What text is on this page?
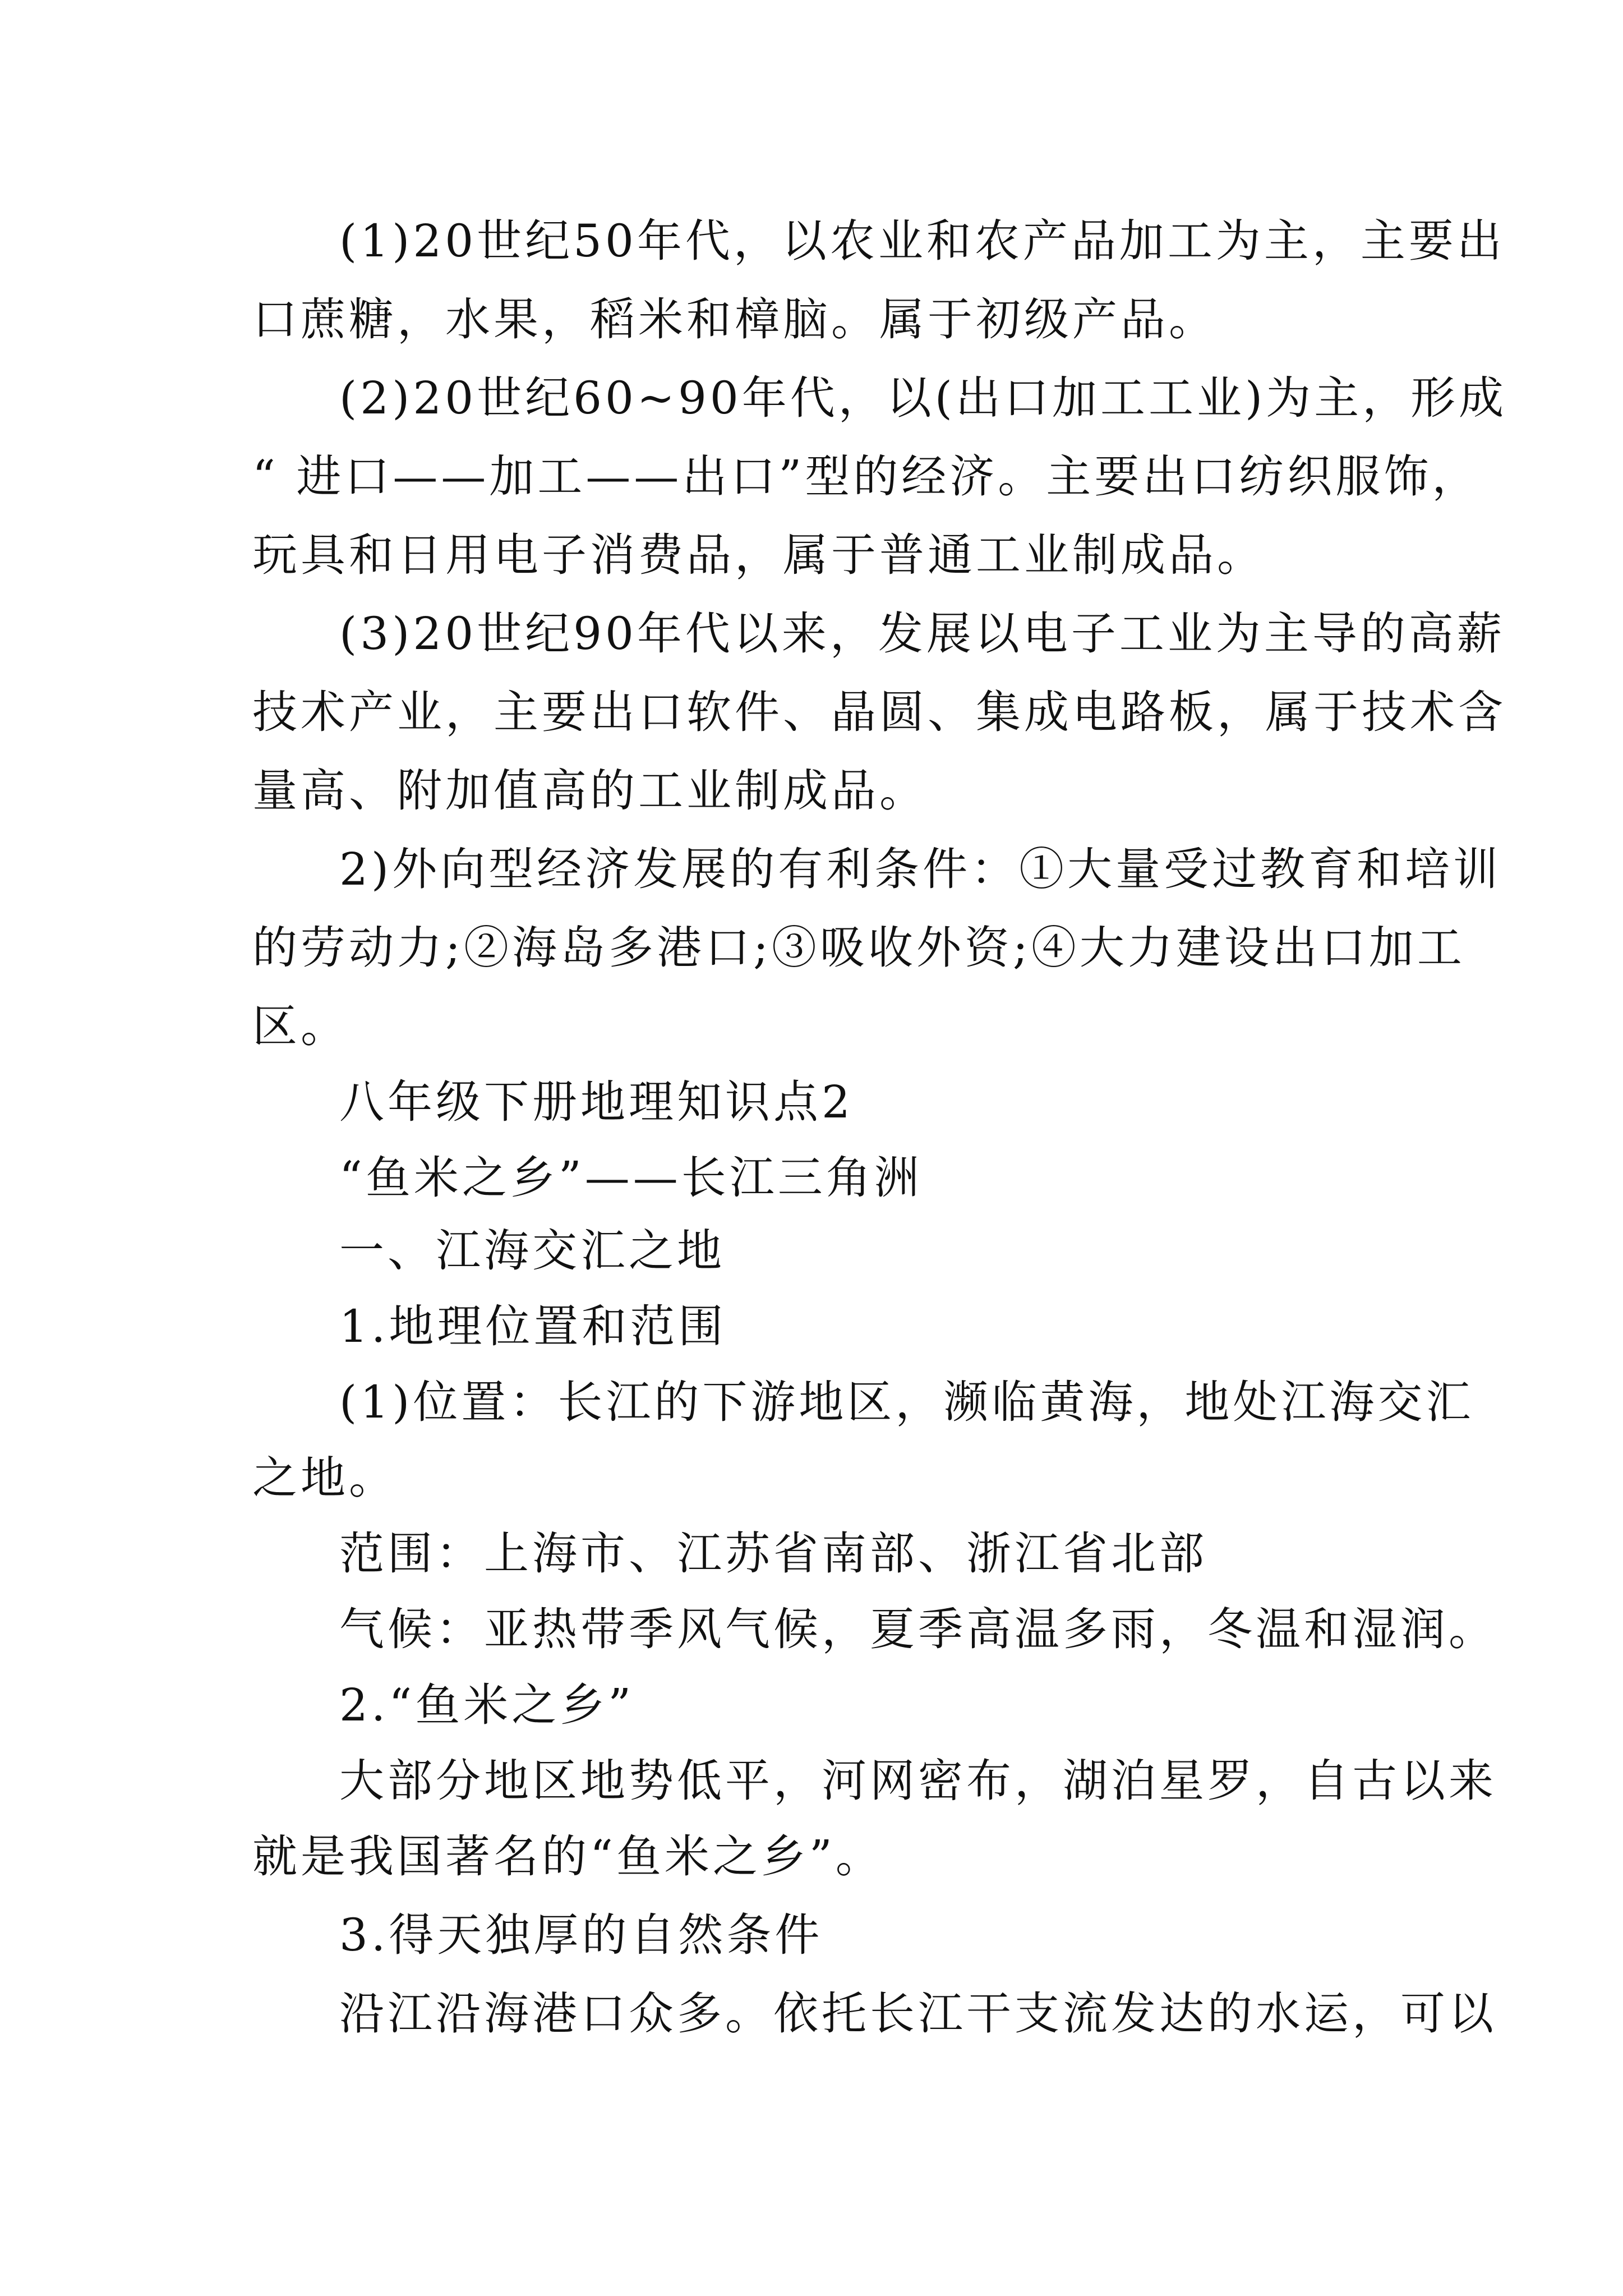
(1)20世纪50年代，以农业和农产品加工为主，主要出
口蔗糖，水果，稻米和樟脑。属于初级产品。
(2)20世纪60~90年代，以(出口加工工业)为主，形成
“ 进口——加工——出口”型的经济。主要出口纺织服饰，
玩具和日用电子消费品，属于普通工业制成品。
(3)20世纪90年代以来，发展以电子工业为主导的高薪
技术产业，主要出口软件、晶圆、集成电路板，属于技术含
量高、附加值高的工业制成品。
2)外向型经济发展的有利条件：①大量受过教育和培训
的劳动力;②海岛多港口;③吸收外资;④大力建设出口加工
区。
八年级下册地理知识点2
“鱼米之乡”——长江三角洲
一、江海交汇之地
1.地理位置和范围
(1)位置：长江的下游地区，濒临黄海，地处江海交汇
之地。
范围：上海市、江苏省南部、浙江省北部
气候：亚热带季风气候，夏季高温多雨，冬温和湿润。
2.“鱼米之乡”
大部分地区地势低平，河网密布，湖泊星罗，自古以来
就是我国著名的“鱼米之乡”。
3.得天独厚的自然条件
沿江沿海港口众多。依托长江干支流发达的水运，可以
